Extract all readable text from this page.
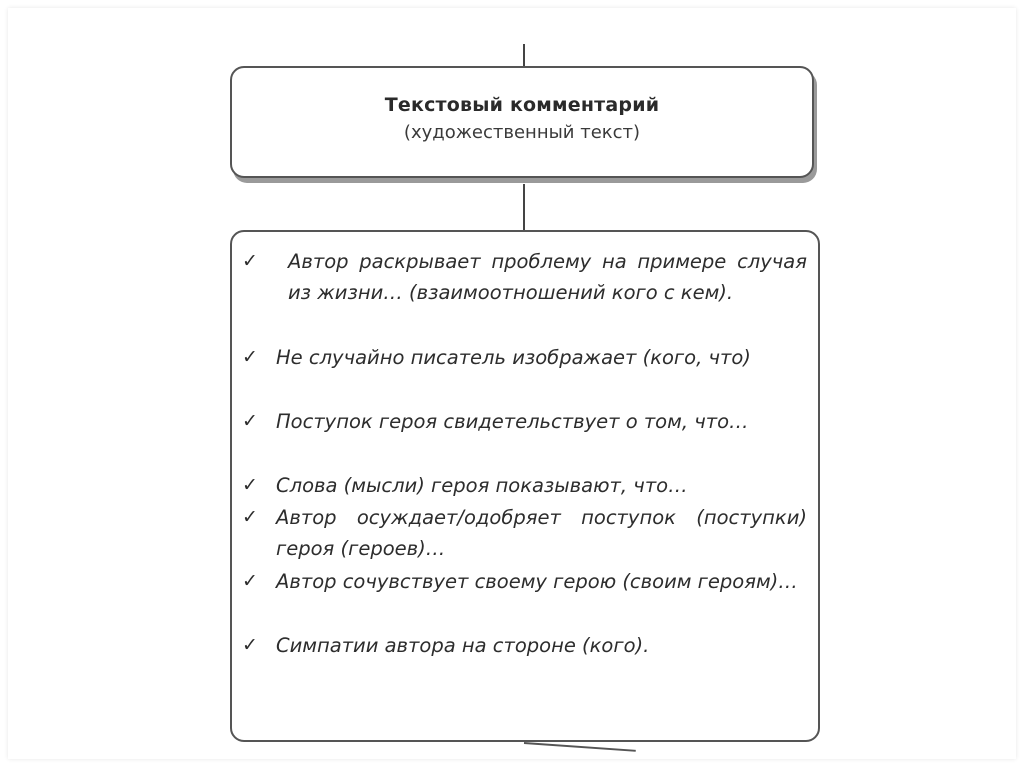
Текстовый комментарий
(художественный текст)
✓ Автор раскрывает проблему на примере случая из жизни… (взаимоотношений кого с кем).
✓ Не случайно писатель изображает (кого, что)
✓ Поступок героя свидетельствует о том, что…
✓ Слова (мысли) героя показывают, что…
✓ Автор осуждает/одобряет поступок (поступки) героя (героев)…
✓ Автор сочувствует своему герою (своим героям)…
✓ Симпатии автора на стороне (кого).
